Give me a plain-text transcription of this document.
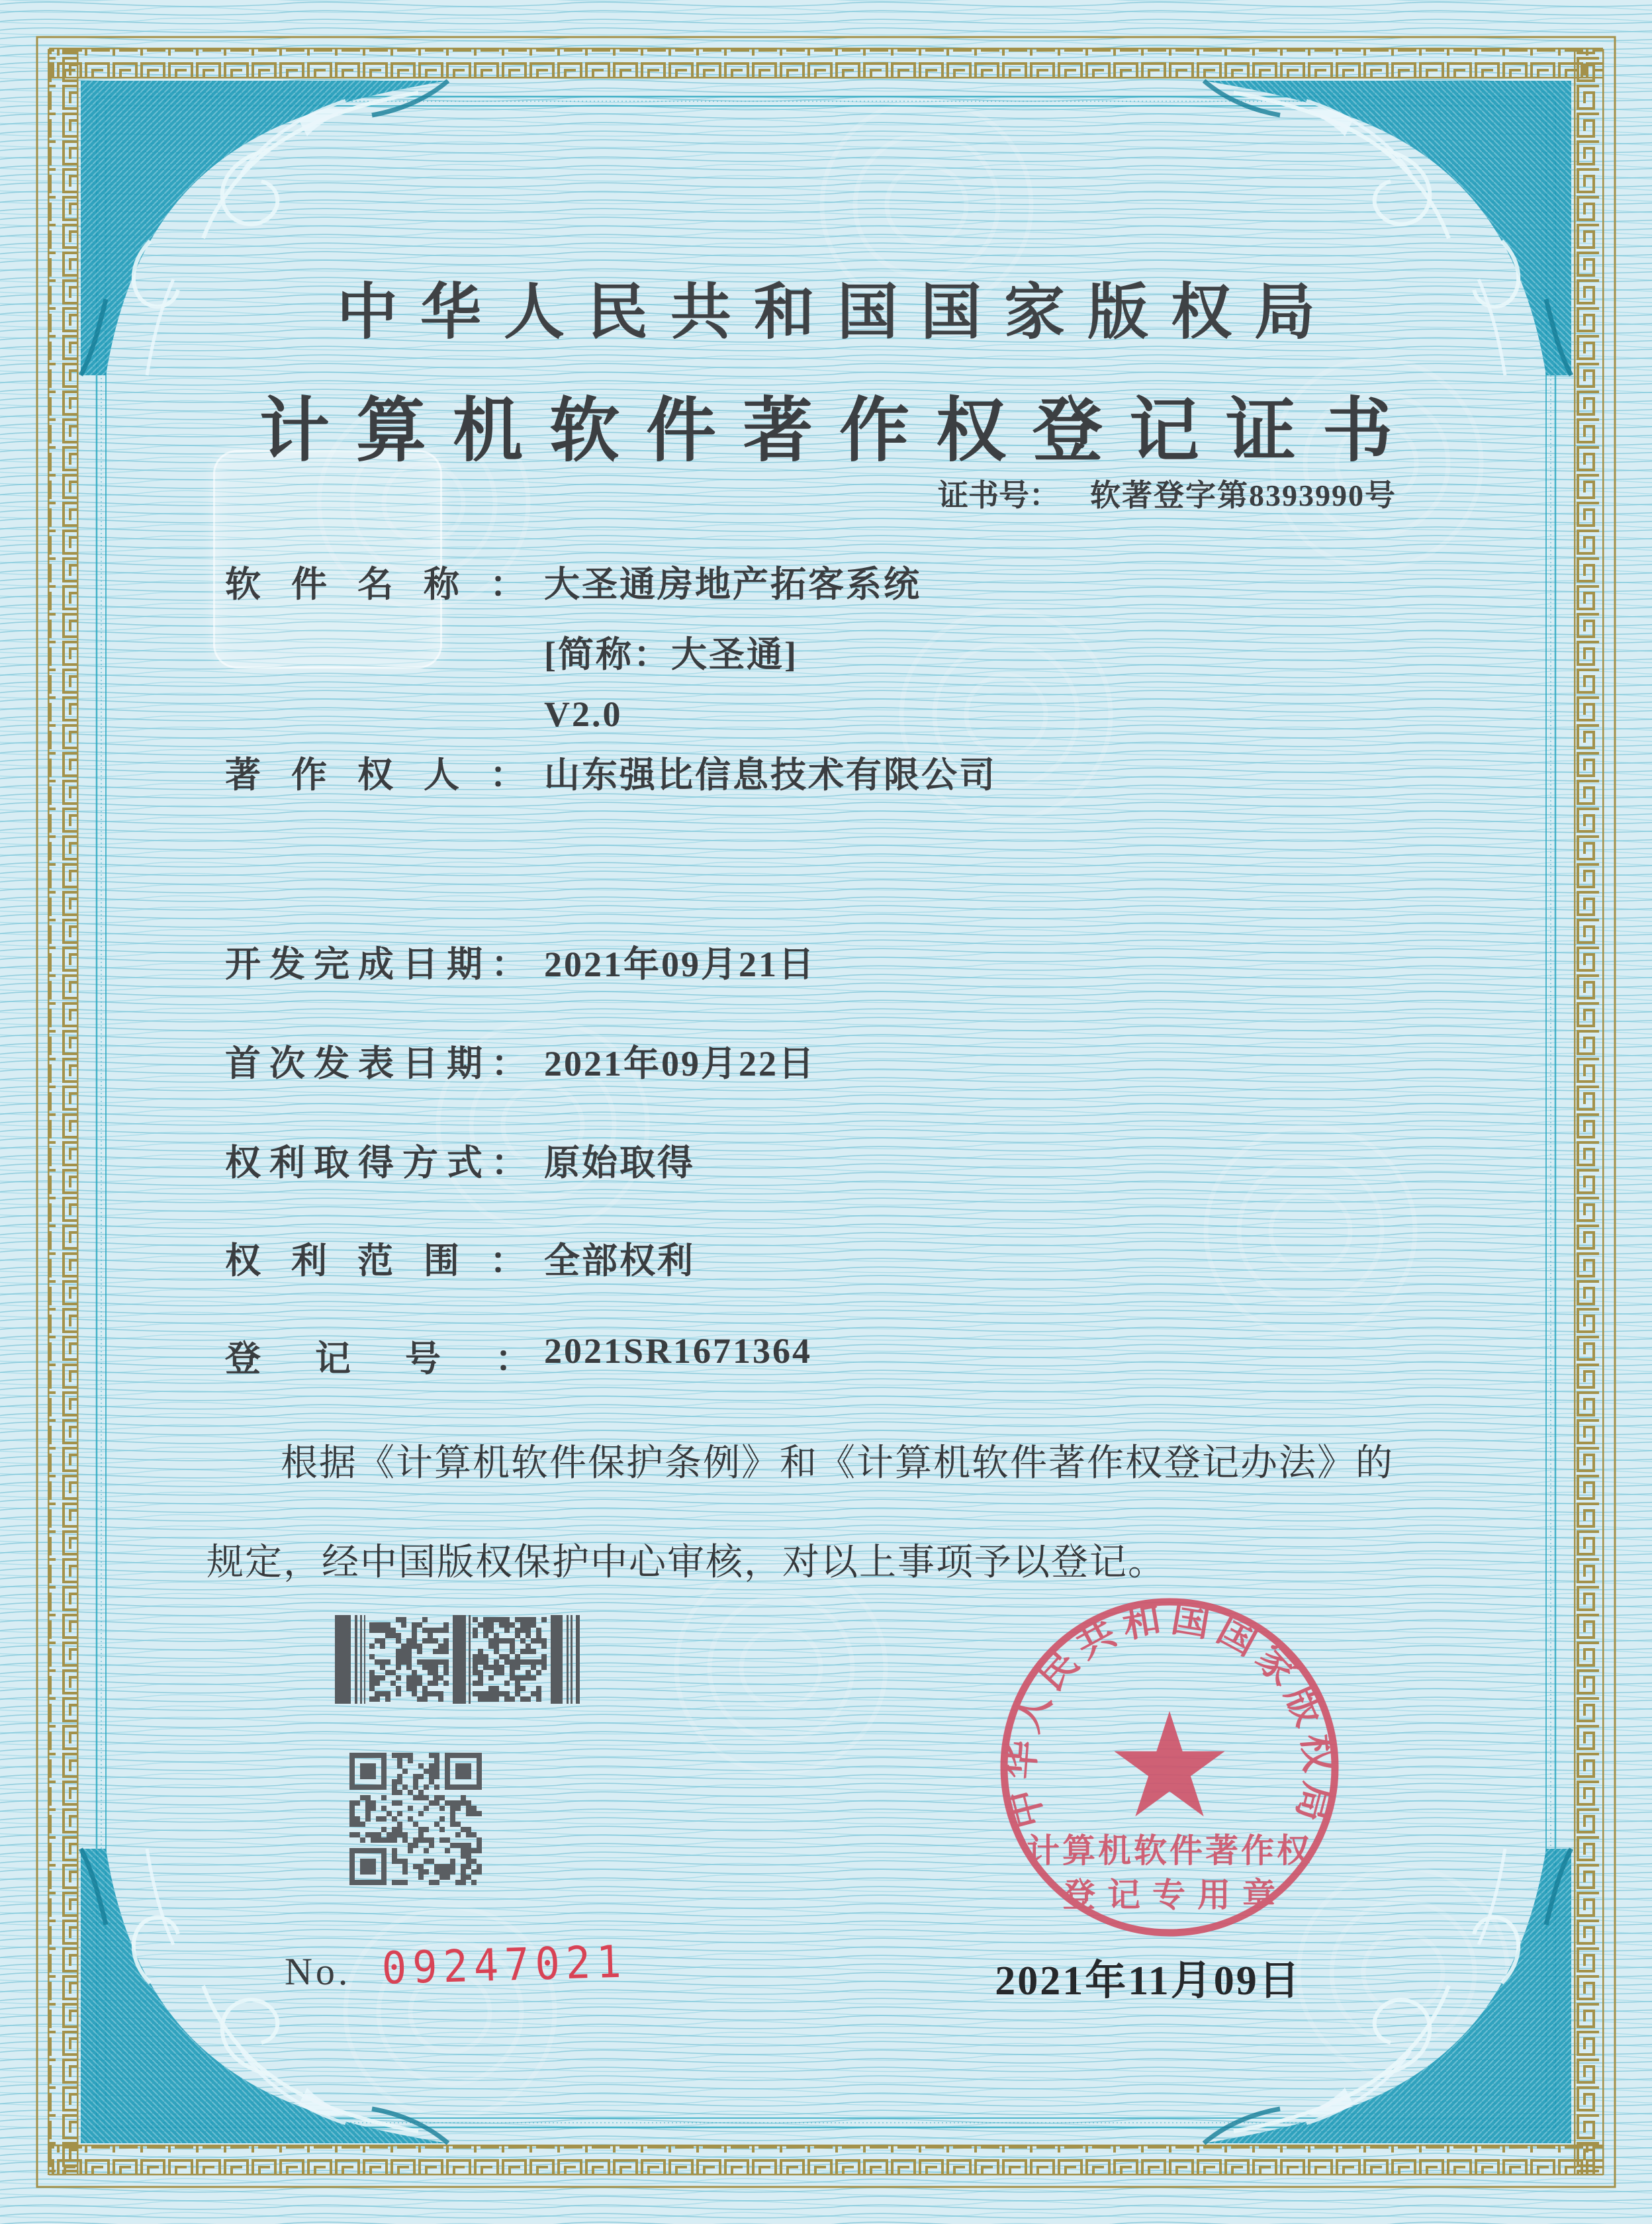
中华人民共和国国家版权局
计算机软件著作权登记证书
证书号： 软著登字第8393990号
软件名称：大圣通房地产拓客系统
[简称：大圣通]
V2.0
著作权人：山东强比信息技术有限公司
开发完成日期： 2021年09月21日
首次发表日期： 2021年09月22日
权利取得方式： 原始取得
权利范围：全部权利
登记号：2021SR1671364
根据《计算机软件保护条例》和《计算机软件著作权登记办法》的
规定，经中国版权保护中心审核，对以上事项予以登记。
No. 09247021
中华人民共和国国家版权局
计算机软件著作权
登记专用章
2021年11月09日
